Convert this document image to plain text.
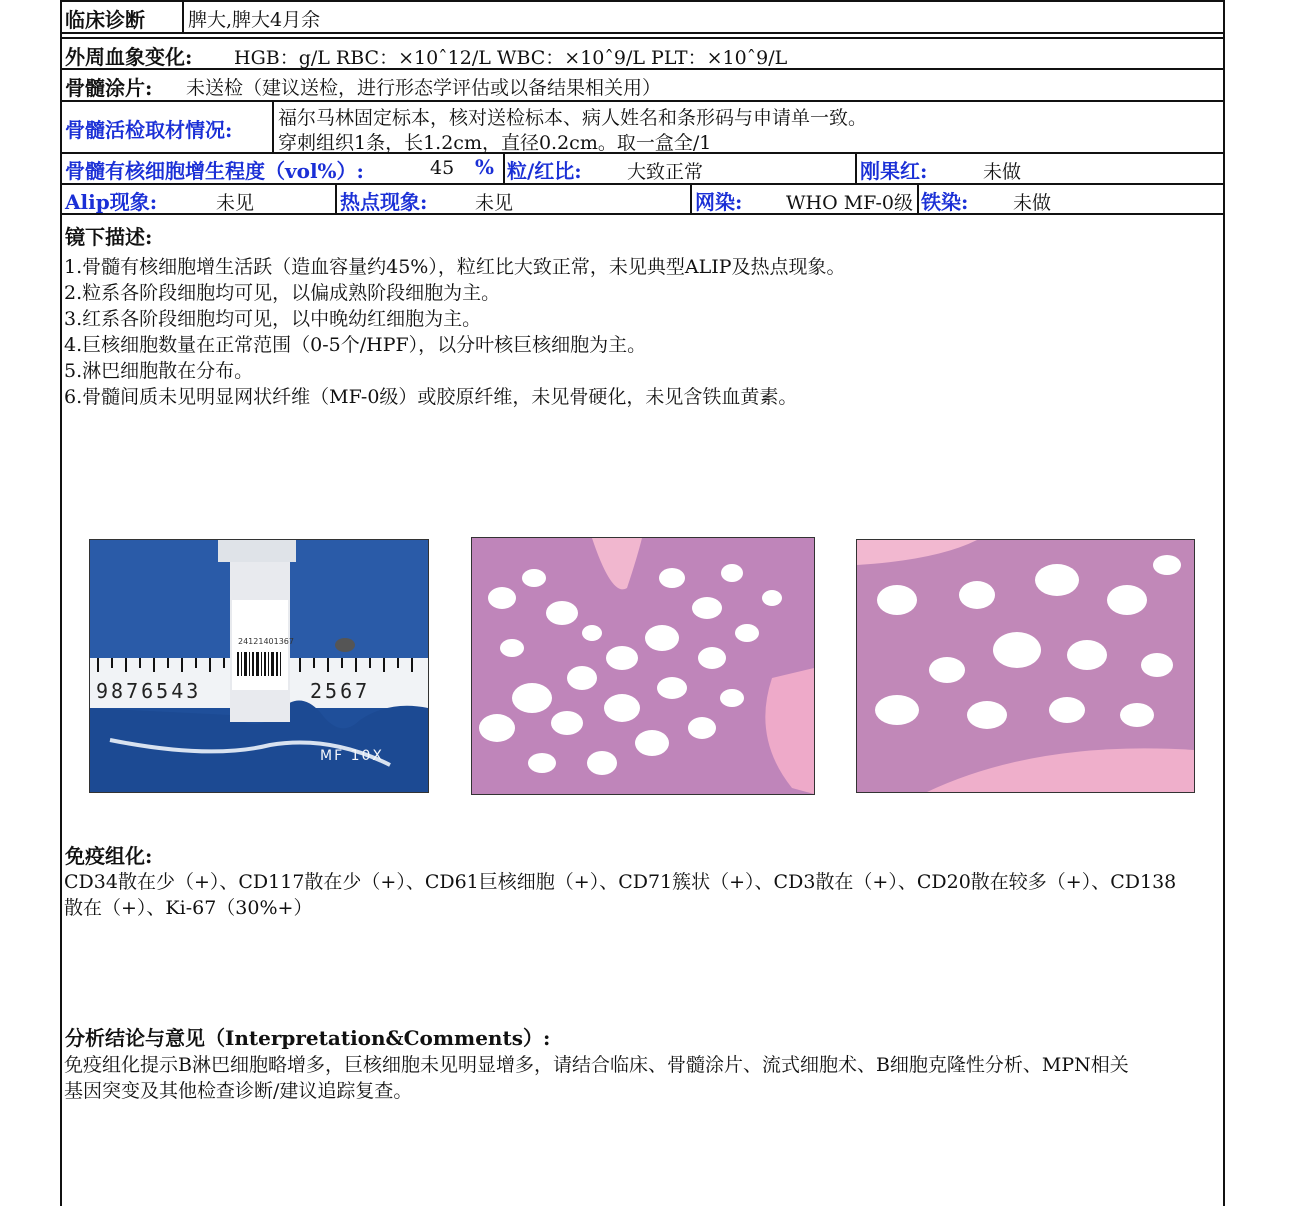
临床诊断 脾大,脾大4月余
外周血象变化: HGB：g/L RBC：×10ˆ12/L WBC：×10ˆ9/L PLT：×10ˆ9/L
骨髓涂片: 未送检（建议送检，进行形态学评估或以备结果相关用）
骨髓活检取材情况: 福尔马林固定标本，核对送检标本、病人姓名和条形码与申请单一致。
穿刺组织1条，长1.2cm，直径0.2cm。取一盒全/1
骨髓有核细胞增生程度（vol%）:	45 % 粒/红比: 大致正常	刚果红:	未做
Alip现象:	未见	热点现象:	未见	网染: WHO MF-0级 铁染: 未做
镜下描述:
1.骨髓有核细胞增生活跃（造血容量约45%），粒红比大致正常，未见典型ALIP及热点现象。
2.粒系各阶段细胞均可见，以偏成熟阶段细胞为主。
3.红系各阶段细胞均可见，以中晚幼红细胞为主。
4.巨核细胞数量在正常范围（0-5个/HPF），以分叶核巨核细胞为主。
5.淋巴细胞散在分布。
6.骨髓间质未见明显网状纤维（MF-0级）或胶原纤维，未见骨硬化，未见含铁血黄素。
9876543	2567
24121401367
MF 10X
免疫组化:
CD34散在少（+）、CD117散在少（+）、CD61巨核细胞（+）、CD71簇状（+）、CD3散在（+）、CD20散在较多（+）、CD138
散在（+）、Ki-67（30%+）
分析结论与意见（Interpretation&Comments）:
免疫组化提示B淋巴细胞略增多，巨核细胞未见明显增多，请结合临床、骨髓涂片、流式细胞术、B细胞克隆性分析、MPN相关
基因突变及其他检查诊断/建议追踪复查。
